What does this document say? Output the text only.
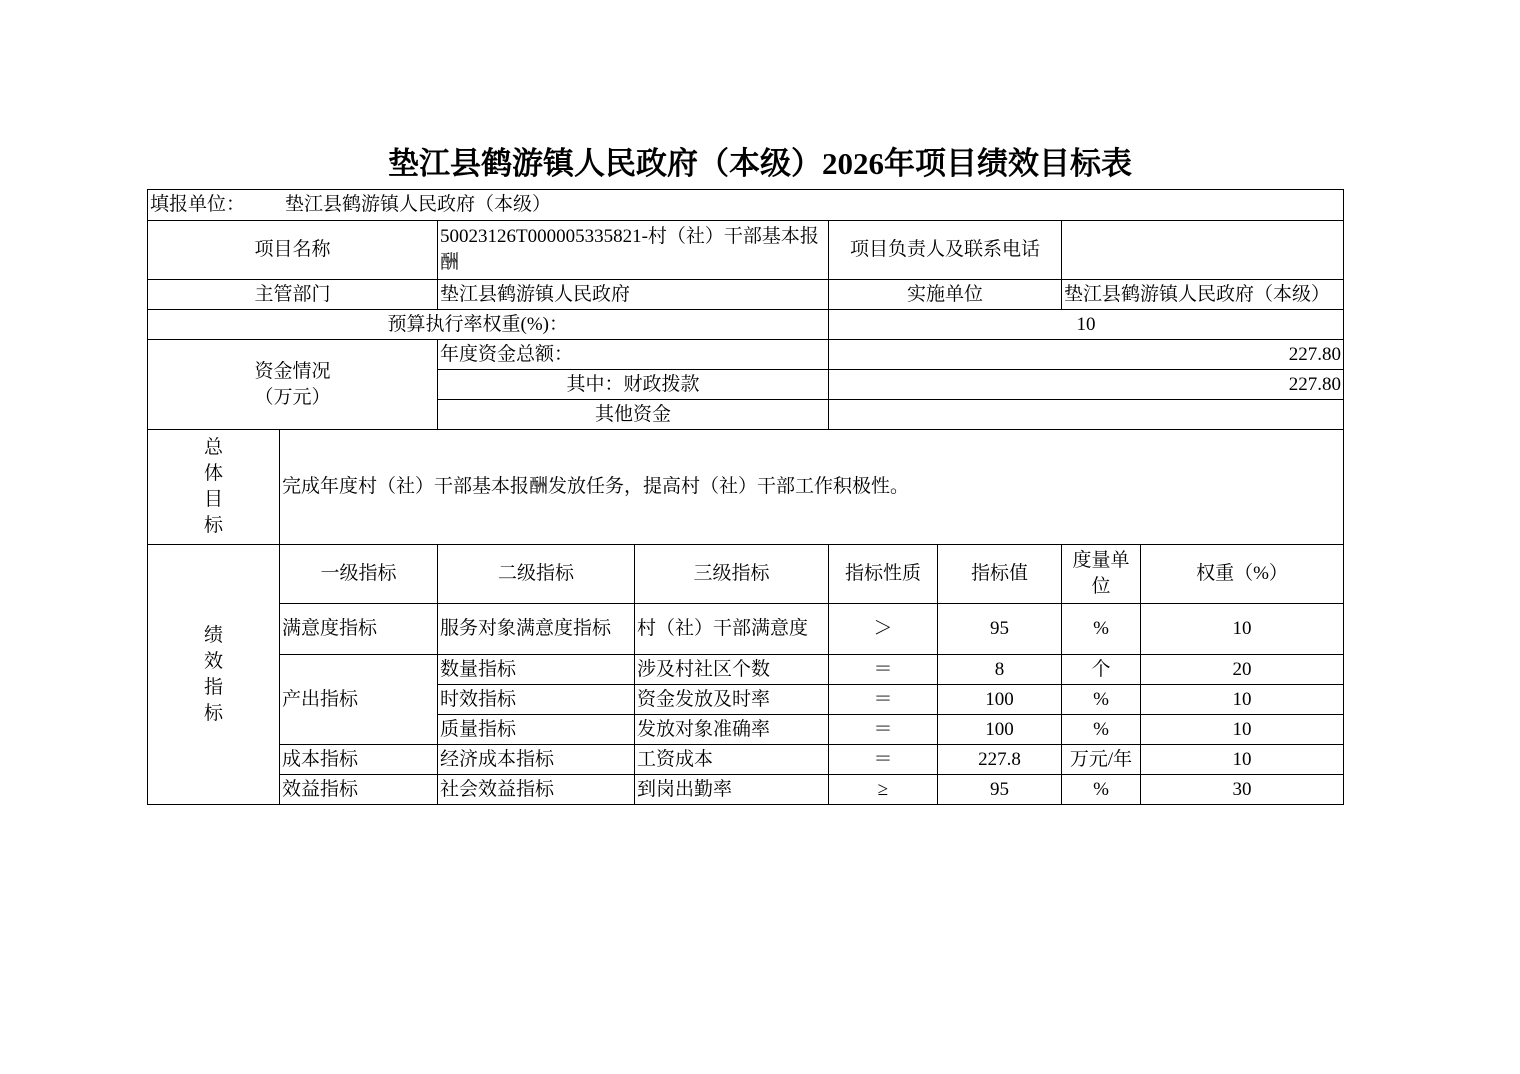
垫江县鹤游镇人民政府（本级）2026年项目绩效目标表
填报单位： 垫江县鹤游镇人民政府（本级）							
项目名称		50023126T000005335821-村（社）干部基本报酬		项目负责人及联系电话			
主管部门		垫江县鹤游镇人民政府		实施单位		垫江县鹤游镇人民政府（本级）	
预算执行率权重(%)：				10			

资金情况
（万元）		年度资金总额：		227.80			
		其中：财政拨款		227.80			
		其他资金					

总
体
目
标	完成年度村（社）干部基本报酬发放任务，提高村（社）干部工作积极性。						

绩
效
指
标	一级指标	二级指标	三级指标	指标性质	指标值	度量单位	权重（%）
	满意度指标	服务对象满意度指标	村（社）干部满意度	＞	95	%	10
	产出指标	数量指标	涉及村社区个数	＝	8	个	20
		时效指标	资金发放及时率	＝	100	%	10
		质量指标	发放对象准确率	＝	100	%	10
	成本指标	经济成本指标	工资成本	＝	227.8	万元/年	10
	效益指标	社会效益指标	到岗出勤率	≥	95	%	30
